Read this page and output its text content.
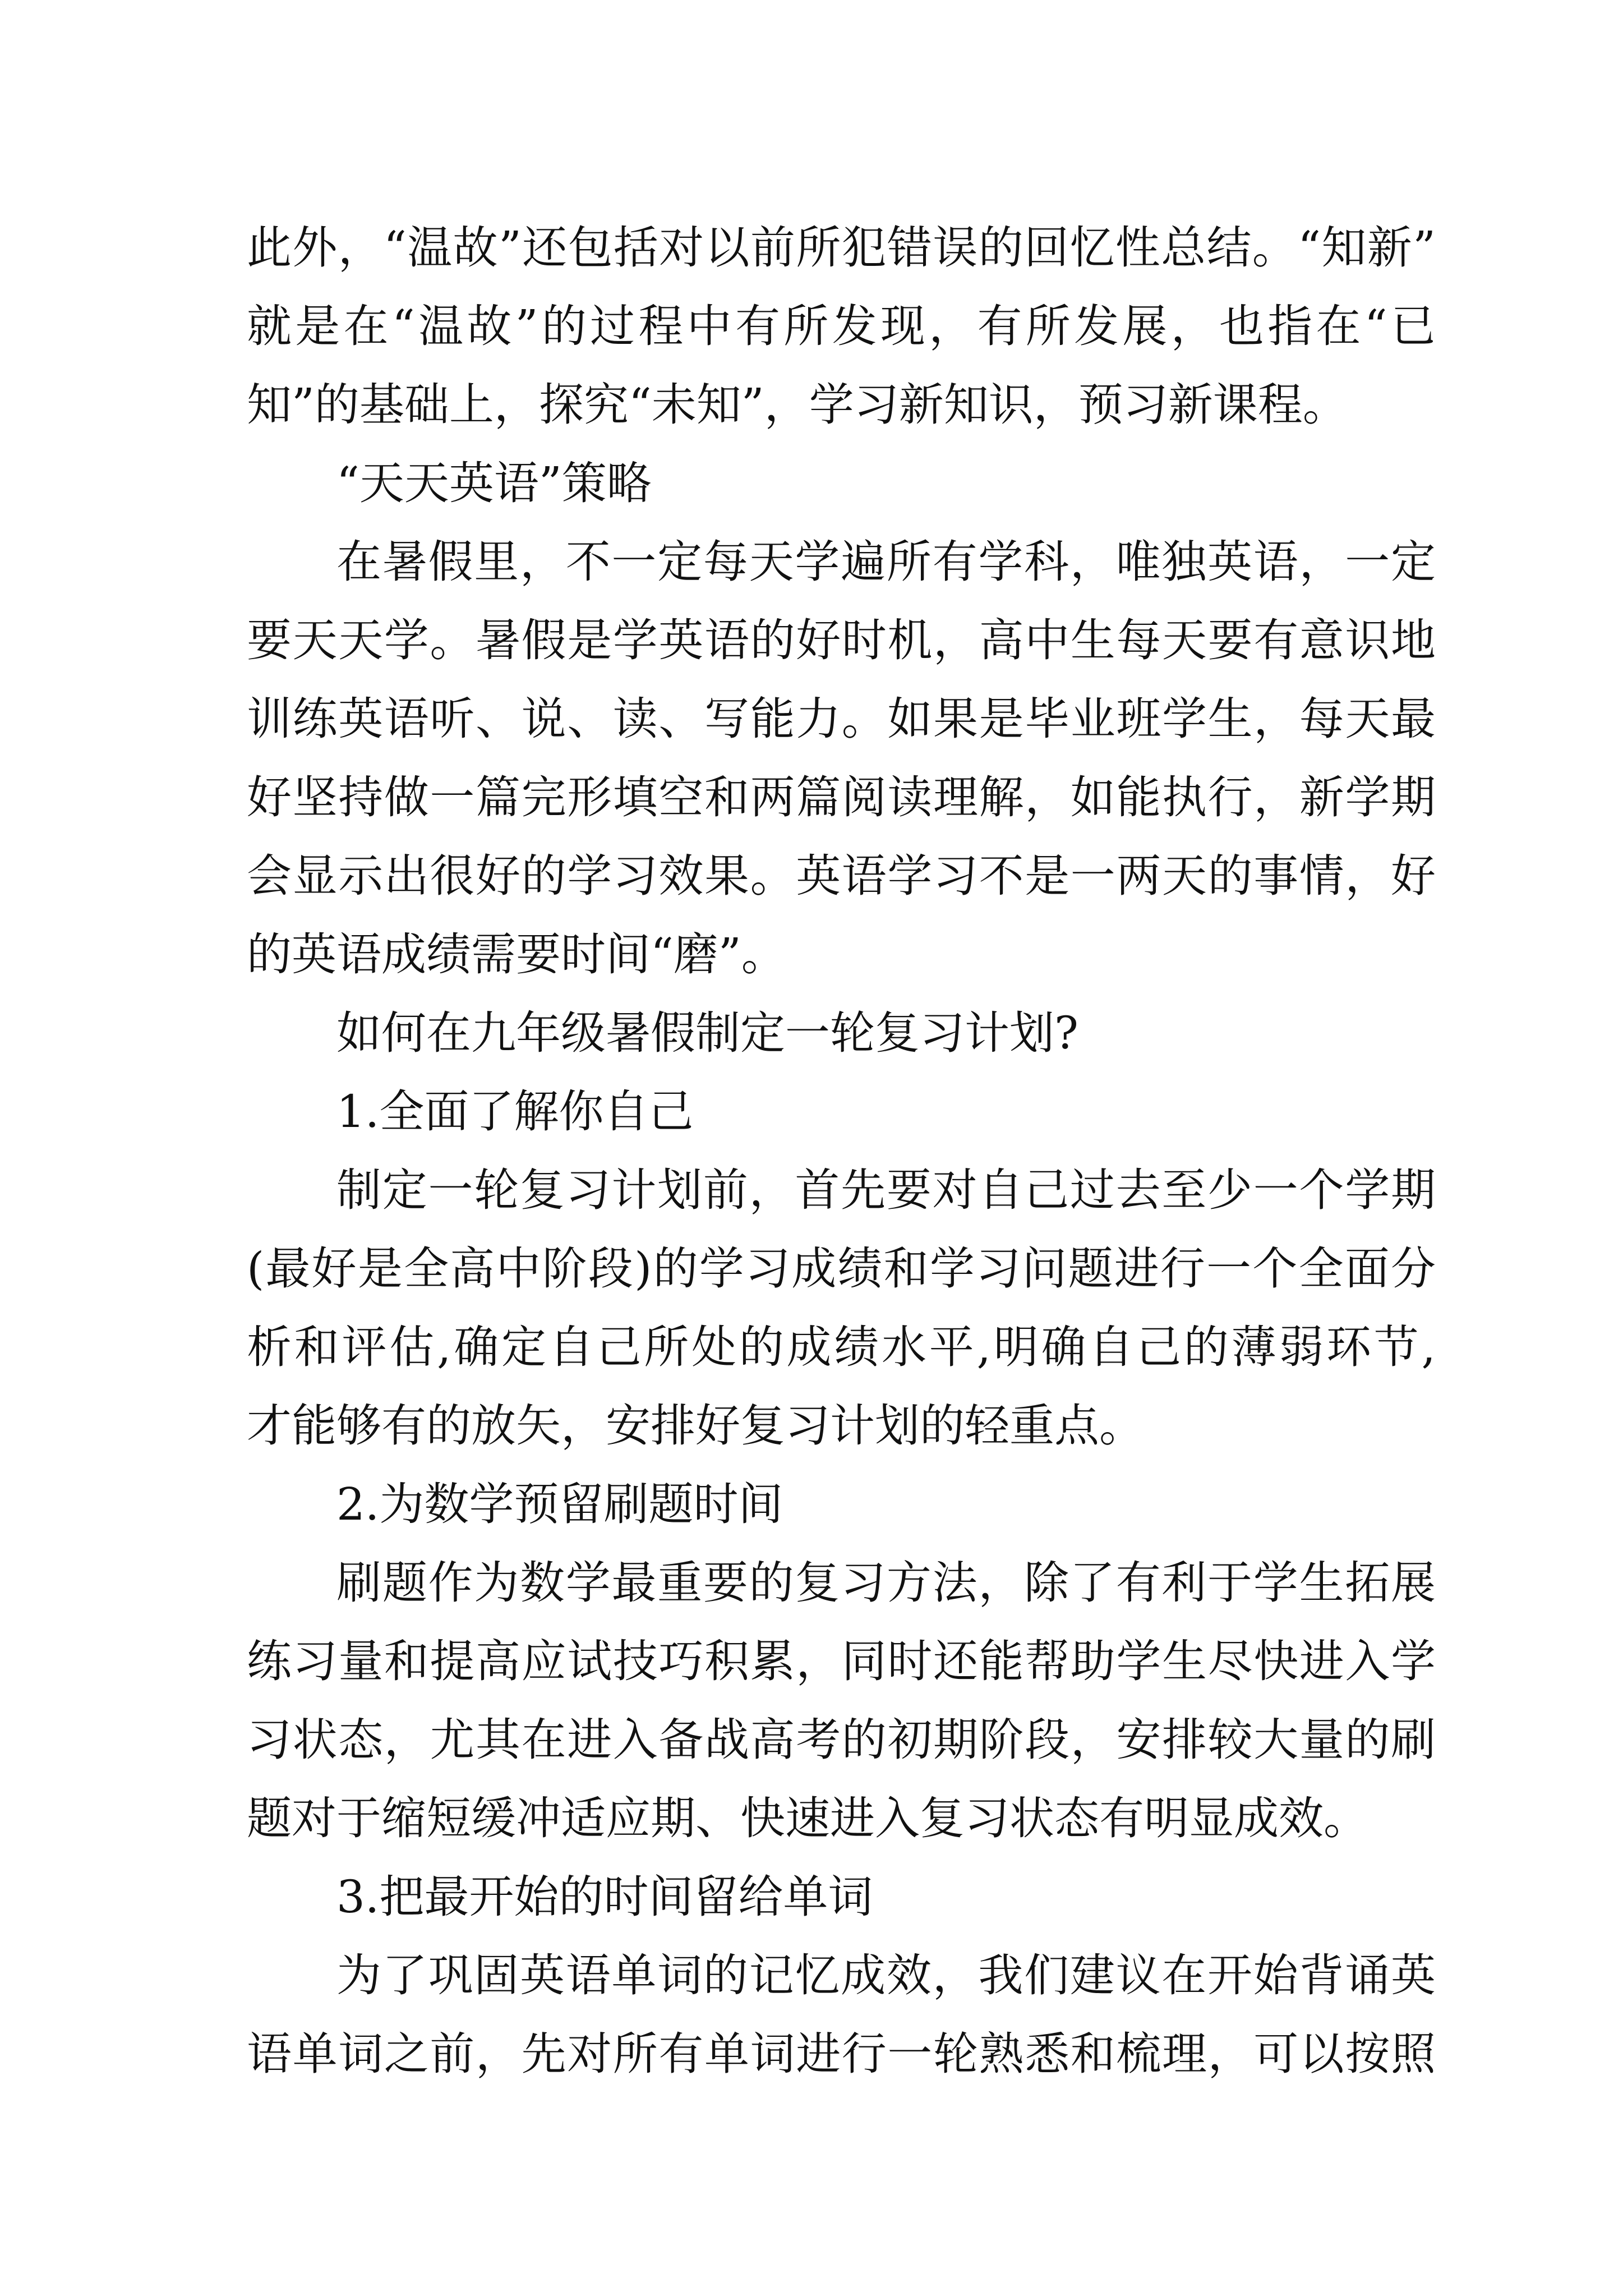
此外，“温故”还包括对以前所犯错误的回忆性总结。“知新”
就是在“温故”的过程中有所发现，有所发展，也指在“已
知”的基础上，探究“未知”，学习新知识，预习新课程。
“天天英语”策略
在暑假里，不一定每天学遍所有学科，唯独英语，一定
要天天学。暑假是学英语的好时机，高中生每天要有意识地
训练英语听、说、读、写能力。如果是毕业班学生，每天最
好坚持做一篇完形填空和两篇阅读理解，如能执行，新学期
会显示出很好的学习效果。英语学习不是一两天的事情，好
的英语成绩需要时间“磨”。
如何在九年级暑假制定一轮复习计划?
1.全面了解你自己
制定一轮复习计划前，首先要对自己过去至少一个学期
(最好是全高中阶段)的学习成绩和学习问题进行一个全面分
析和评估,确定自己所处的成绩水平,明确自己的薄弱环节,
才能够有的放矢，安排好复习计划的轻重点。
2.为数学预留刷题时间
刷题作为数学最重要的复习方法，除了有利于学生拓展
练习量和提高应试技巧积累，同时还能帮助学生尽快进入学
习状态，尤其在进入备战高考的初期阶段，安排较大量的刷
题对于缩短缓冲适应期、快速进入复习状态有明显成效。
3.把最开始的时间留给单词
为了巩固英语单词的记忆成效，我们建议在开始背诵英
语单词之前，先对所有单词进行一轮熟悉和梳理，可以按照
